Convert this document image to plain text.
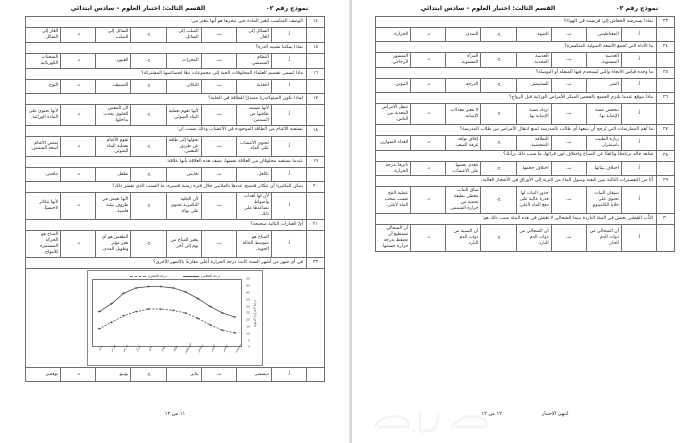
نموذج رقم ٠٢
القسم الثالث: اختبار العلوم – سادس ابتدائي
٢٣	بماذا يسترشد الخفاش إلى فريسته في الهواء؟							
	أ.	المغناطيس.	ب.	الضوء.	ج.	الصدى.	د.	الحرارة.
٢٤	ما الأداة التي تُجمع الأشعة الضوئية المتكسرة؟							
	أ.	العدسة المستوية.	ب.	العدسة المحدبة.	ج.	المرآة المستوية.	د.	المنشور الزجاجي.
٢٥	ما وحدة قياس الاتجاه والتي يُستخدم فيها المنقلة أو البوصلة؟							
	أ.	المتر.	ب.	السنتيمتر.	ج.	الدرجة.	د.	النيوتن.
٢٦	ماذا نتوقع عندما يلتزم الجميع بالفحص المبكر للأمراض الوراثية قبل الزواج؟							
	أ.	تنخفض نسبة الإصابة بها.	ب.	تزداد نسبة الإصابة بها.	ج.	لا تتغير معدلات الإصابة.	د.	تنتقل الأمراض المعدية بين الناس.
٢٧	ما أهم الممارسات التي يُرجح أن يتبعها أي طالب بالمدرسة لمنع انتقال الأمراض بين طلاب المدرسة؟							
	أ.	زيارة الطبيب باستمرار.	ب.	النظافة الشخصية.	ج.	إغلاق نوافذ غرفة الصف.	د.	الغذاء المتوازن.
٢٨	شاهد خالد برنامجًا وثائقيًا عن الضباع واختلاف لون فرائها، ما سبب ذلك برأيك؟							
	أ.	اختلاف بيئاتها.	ب.	اختلاف حجمها.	ج.	تتغذى بعضها على الأعشاب.	د.	تأثرها بدرجة الحرارة.
٢٩	أيًا من التفسيرات التالية يبين كيفية وصول الماء من التربة إلى الأوراق في الأشجار العالية:							
	أ.	سيقان النبات تحتوي على خلايا الكامبيوم.	ب.	جذور النبات لها قدرة عالية على دفع الماء لأعلى.	ج.	ساق النبات مغطى بطبقة تحميه من حرارة الشمس.	د.	عملية النتح تسبب سحب الماء لأعلى.
٣٠	الدُّب القطبي يعيش في البيئة الباردة بينما الشحالي لا تعيش في هذه البيئة سبب ذلك هو:							
	أ.	أن الشحالي من ذوات الدم الحار.	ب.	أن الشحالي من ذوات الدم البارد.	ج.	أن الضبية من ذوات الدم البارد.	د.	أن الشحالي تستطيع أن تحتفظ بدرجة حرارة جسمها.
انتهى الاختبار
١٢ من ١٢
نموذج رقم ٠٢
القسم الثالث: اختبار العلوم – سادس ابتدائي
١٤	الوصف المناسب لتغير المادة حين تبخرها هو أنها تتغير من:							
	أ.	السائل إلى الغاز.	ب.	الصلب إلى السائل.	ج.	السائل إلى الصلب.	د.	الغاز إلى السائل.
١٥	بماذا يمكننا تشبيه الذرة؟							
	أ.	النظام الشمسي.	ب.	المجرات.	ج.	العيون.	د.	الشحنات الكهربائية.
١٦	ماذا يُسمى تقسيم العلماء المخلوقات الحية إلى مجموعات تبعًا لخصائصها المشتركة؟							
	أ.	التغذية.	ب.	التكاثر.	ج.	التصنيف.	د.	النوع.
١٧	لماذا تكون الميتوكندريا مصدرًا للطاقة في الخلية؟							
	أ.	لأنها تستمد طاقتها من الشمس.	ب.	لأنها تقوم بعملية البناء الضوئي.	ج.	لأن التنفس الخلوي يحدث بداخلها.	د.	لأنها تحتوي على المادة الوراثية.
١٨	تستفيد الأغنام من الطاقة الموجودة في الأعشاب وذلك بسبب أن:							
	أ.	تحتوي الأعشاب على الماء.	ب.	تحولها إلى طاقة عن طريق التنفس.	ج.	تقوم الأغنام بعملية البناء الضوئي.	د.	تمتص الأغنام أشعة الشمس.
١٩	عندما يستفيد مخلوقان من العلاقة نفسها، نصف هذه العلاقة بأنها علاقة:							
	أ.	تكافل.	ب.	تعايش.	ج.	تطفل.	د.	تنافس.
٢٠	يمكن للبكتيريا أن تتكاثر فتصبح عددها بالملايين خلال فترة زمنية قصيرة، ما السبب الذي يفسر ذلك؟							
	أ.	لأن لها أهداب وأسواط تساعدها على ذلك.	ب.	لأن الخلية البكتيرية تحتوي على نواة.	ج.	لأنها تعيش في ظروف بيئية قاسية.	د.	لأنها تتكاثر لاجنسيًا.
٢١	أيّ العبارات التالية صحيحة؟							
	أ.	المناخ هو متوسط الحالة الجوية.	ب.	يتغير المناخ من يوم إلى آخر.	ج.	الطقس هو أي تغير مؤثر وطويل المدى.	د.	المناخ هو الحركة المستمرة للأمواج.
٢٢	في أي شهر من أشهر السنة كانت درجة الحرارة أعلى مقارنةً بالأشهر الأخرى؟							

درجة العظمى
درجة الصغرى
درجة الحرارة المئوية
0
5
10
15
20
25
30
35
40
45
50
يناير	فبراير	مارس	أبريل	مايو	يونيو	يوليو	أغسطس	سبتمبر	أكتوبر	نوفمبر	ديسمبر

	أ.	ديسمبر.	ب.	يناير.	ج.	يونيو.	د.	نوفمبر.
١١ من ١٢
